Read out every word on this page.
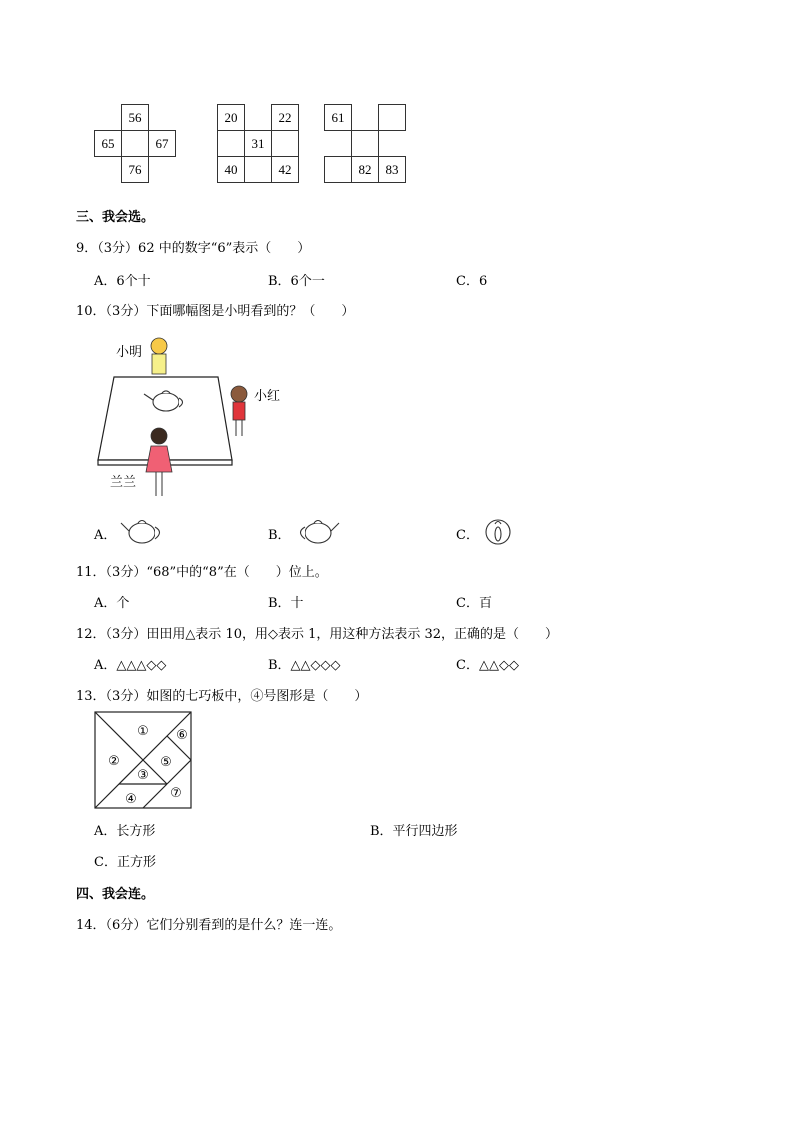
	56	
65		67
	76	
20		22
	31	
40		42
61		

	82	83
三、我会选。
9．（3分）62 中的数字“6”表示（　　）
A．6个十	B．6个一	C．6
10．（3分）下面哪幅图是小明看到的？（　　）
小明
小红
兰兰
A．	B．	C．
11．（3分）“68”中的“8”在（　　）位上。
A．个	B．十	C．百
12．（3分）田田用△表示 10，用◇表示 1，用这种方法表示 32，正确的是（　　）
A．△△△◇◇	B．△△◇◇◇	C．△△◇◇
13．（3分）如图的七巧板中，④号图形是（　　）
①
②
③
④
⑤
⑥
⑦
A．长方形	B．平行四边形
C．正方形
四、我会连。
14．（6分）它们分别看到的是什么？连一连。
